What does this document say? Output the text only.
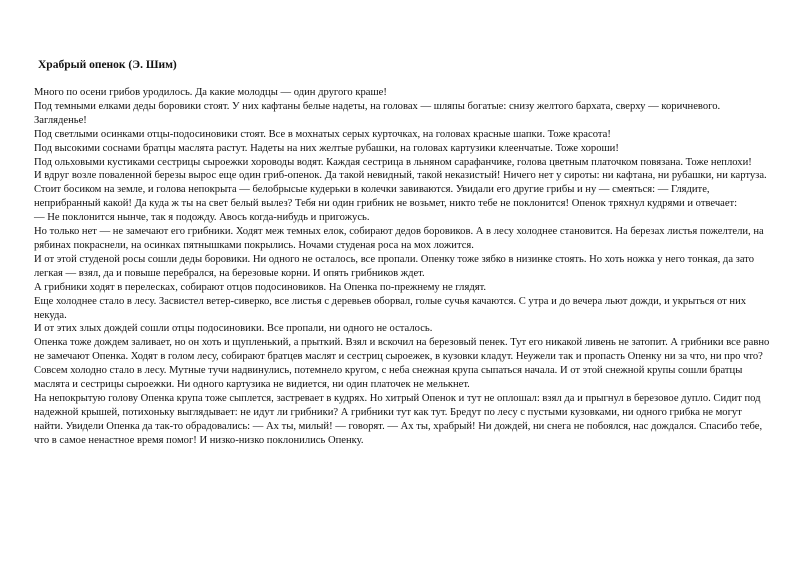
Храбрый опенок (Э. Шим)

Много по осени грибов уродилось. Да какие молодцы — один другого краше!

Под темными елками деды боровики стоят. У них кафтаны белые надеты, на головах — шляпы богатые: снизу желтого бархата, сверху — коричневого. Загляденье!

Под светлыми осинками отцы-подосиновики стоят. Все в мохнатых серых курточках, на головах красные шапки. Тоже красота!

Под высокими соснами братцы маслята растут. Надеты на них желтые рубашки, на головах картузики клеенчатые. Тоже хороши!

Под ольховыми кустиками сестрицы сыроежки хороводы водят. Каждая сестрица в льняном сарафанчике, голова цветным платочком повязана. Тоже неплохи!

И вдруг возле поваленной березы вырос еще один гриб-опенок. Да такой невидный, такой неказистый! Ничего нет у сироты: ни кафтана, ни рубашки, ни картуза. Стоит босиком на земле, и голова непокрыта — белобрысые кудерьки в колечки завиваются. Увидали его другие грибы и ну — смеяться: — Глядите, неприбранный какой! Да куда ж ты на свет белый вылез? Тебя ни один грибник не возьмет, никто тебе не поклонится! Опенок тряхнул кудрями и отвечает:

— Не поклонится нынче, так я подожду. Авось когда-нибудь и пригожусь.

Но только нет — не замечают его грибники. Ходят меж темных елок, собирают дедов боровиков. А в лесу холоднее становится. На березах листья пожелтели, на рябинах покраснели, на осинках пятнышками покрылись. Ночами студеная роса на мох ложится.

И от этой студеной росы сошли деды боровики. Ни одного не осталось, все пропали. Опенку тоже зябко в низинке стоять. Но хоть ножка у него тонкая, да зато легкая — взял, да и повыше перебрался, на березовые корни. И опять грибников ждет.

А грибники ходят в перелесках, собирают отцов подосиновиков. На Опенка по-прежнему не глядят.

Еще холоднее стало в лесу. Засвистел ветер-сиверко, все листья с деревьев оборвал, голые сучья качаются. С утра и до вечера льют дожди, и укрыться от них некуда.

И от этих злых дождей сошли отцы подосиновики. Все пропали, ни одного не осталось.

Опенка тоже дождем заливает, но он хоть и щупленький, а прыткий. Взял и вскочил на березовый пенек. Тут его никакой ливень не затопит. А грибники все равно не замечают Опенка. Ходят в голом лесу, собирают братцев маслят и сестриц сыроежек, в кузовки кладут. Неужели так и пропасть Опенку ни за что, ни про что?

Совсем холодно стало в лесу. Мутные тучи надвинулись, потемнело кругом, с неба снежная крупа сыпаться начала. И от этой снежной крупы сошли братцы маслята и сестрицы сыроежки. Ни одного картузика не видиется, ни один платочек не мелькнет.

На непокрытую голову Опенка крупа тоже сыплется, застревает в кудрях. Но хитрый Опенок и тут не оплошал: взял да и прыгнул в березовое дупло. Сидит под надежной крышей, потихоньку выглядывает: не идут ли грибники? А грибники тут как тут. Бредут по лесу с пустыми кузовками, ни одного грибка не могут найти. Увидели Опенка да так-то обрадовались: — Ах ты, милый! — говорят. — Ах ты, храбрый! Ни дождей, ни снега не побоялся, нас дождался. Спасибо тебе, что в самое ненастное время помог! И низко-низко поклонились Опенку.
